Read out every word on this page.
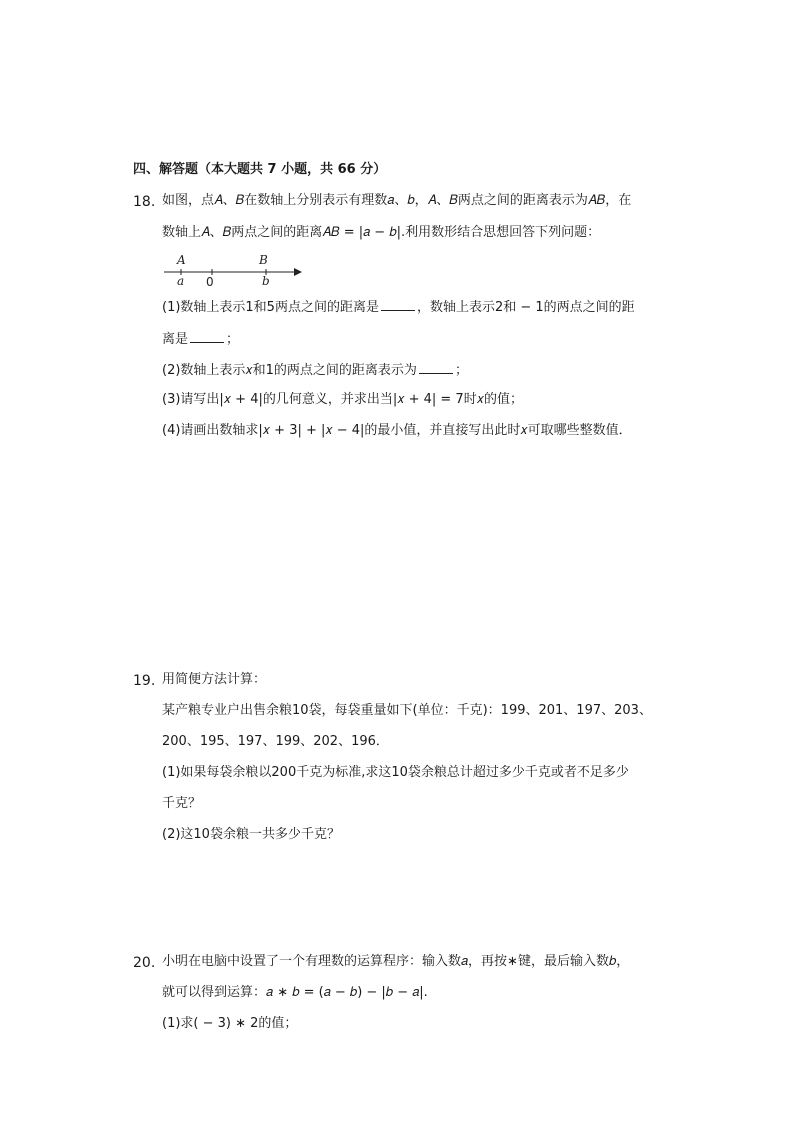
四、解答题（本大题共 7 小题，共 66 分）
18. 如图，点𝐴、𝐵在数轴上分别表示有理数𝑎、𝑏，𝐴、𝐵两点之间的距离表示为𝐴𝐵，在
数轴上𝐴、𝐵两点之间的距离𝐴𝐵 = |𝑎 − 𝑏|.利用数形结合思想回答下列问题：
A
a 0
B
b
(1)数轴上表示1和5两点之间的距离是	，数轴上表示2和 − 1的两点之间的距
离是	；
(2)数轴上表示𝑥和1的两点之间的距离表示为	；
(3)请写出|𝑥 + 4|的几何意义，并求出当|𝑥 + 4| = 7时𝑥的值；
(4)请画出数轴求|𝑥 + 3| + |𝑥 − 4|的最小值，并直接写出此时𝑥可取哪些整数值．
19. 用简便方法计算：
某产粮专业户出售余粮10袋，每袋重量如下(单位：千克)：199、201、197、203、
200、195、197、199、202、196．
(1)如果每袋余粮以200千克为标准,求这10袋余粮总计超过多少千克或者不足多少
千克？
(2)这10袋余粮一共多少千克？
20. 小明在电脑中设置了一个有理数的运算程序：输入数𝑎，再按∗键，最后输入数𝑏，
就可以得到运算：𝑎 ∗ 𝑏 = (𝑎 − 𝑏) − |𝑏 − 𝑎|.
(1)求( − 3) ∗ 2的值；
